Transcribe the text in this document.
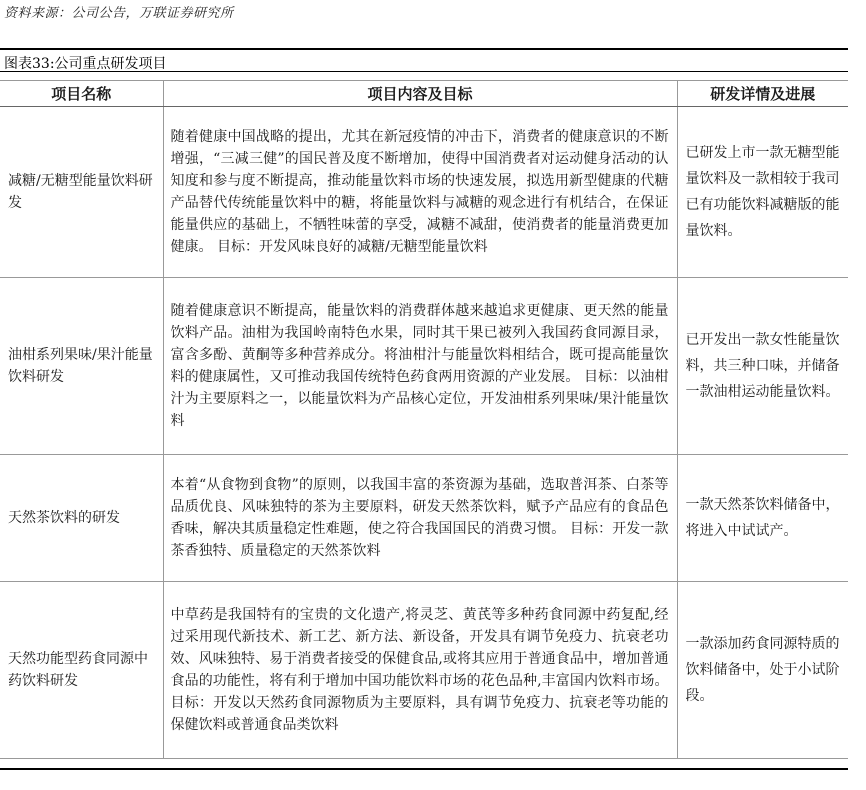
资料来源：公司公告，万联证券研究所
图表33:公司重点研发项目
项目名称	项目内容及目标	研发详情及进展
减糖/无糖型能量饮料研发	随着健康中国战略的提出，尤其在新冠疫情的冲击下，消费者的健康意识的不断增强，“三减三健”的国民普及度不断增加，使得中国消费者对运动健身活动的认知度和参与度不断提高，推动能量饮料市场的快速发展，拟选用新型健康的代糖产品替代传统能量饮料中的糖，将能量饮料与减糖的观念进行有机结合，在保证能量供应的基础上，不牺牲味蕾的享受，减糖不减甜，使消费者的能量消费更加健康。 目标：开发风味良好的减糖/无糖型能量饮料	已研发上市一款无糖型能量饮料及一款相较于我司已有功能饮料减糖版的能量饮料。
油柑系列果味/果汁能量饮料研发	随着健康意识不断提高，能量饮料的消费群体越来越追求更健康、更天然的能量饮料产品。油柑为我国岭南特色水果，同时其干果已被列入我国药食同源目录，富含多酚、黄酮等多种营养成分。将油柑汁与能量饮料相结合，既可提高能量饮料的健康属性，又可推动我国传统特色药食两用资源的产业发展。 目标：以油柑汁为主要原料之一，以能量饮料为产品核心定位，开发油柑系列果味/果汁能量饮料	已开发出一款女性能量饮料，共三种口味，并储备一款油柑运动能量饮料。
天然茶饮料的研发	本着“从食物到食物”的原则，以我国丰富的茶资源为基础，选取普洱茶、白茶等品质优良、风味独特的茶为主要原料，研发天然茶饮料，赋予产品应有的食品色香味，解决其质量稳定性难题，使之符合我国国民的消费习惯。 目标：开发一款茶香独特、质量稳定的天然茶饮料	一款天然茶饮料储备中，将进入中试试产。
天然功能型药食同源中药饮料研发	中草药是我国特有的宝贵的文化遗产,将灵芝、黄芪等多种药食同源中药复配,经过采用现代新技术、新工艺、新方法、新设备，开发具有调节免疫力、抗衰老功效、风味独特、易于消费者接受的保健食品,或将其应用于普通食品中，增加普通食品的功能性，将有利于增加中国功能饮料市场的花色品种,丰富国内饮料市场。 目标：开发以天然药食同源物质为主要原料，具有调节免疫力、抗衰老等功能的保健饮料或普通食品类饮料	一款添加药食同源特质的饮料储备中，处于小试阶段。
